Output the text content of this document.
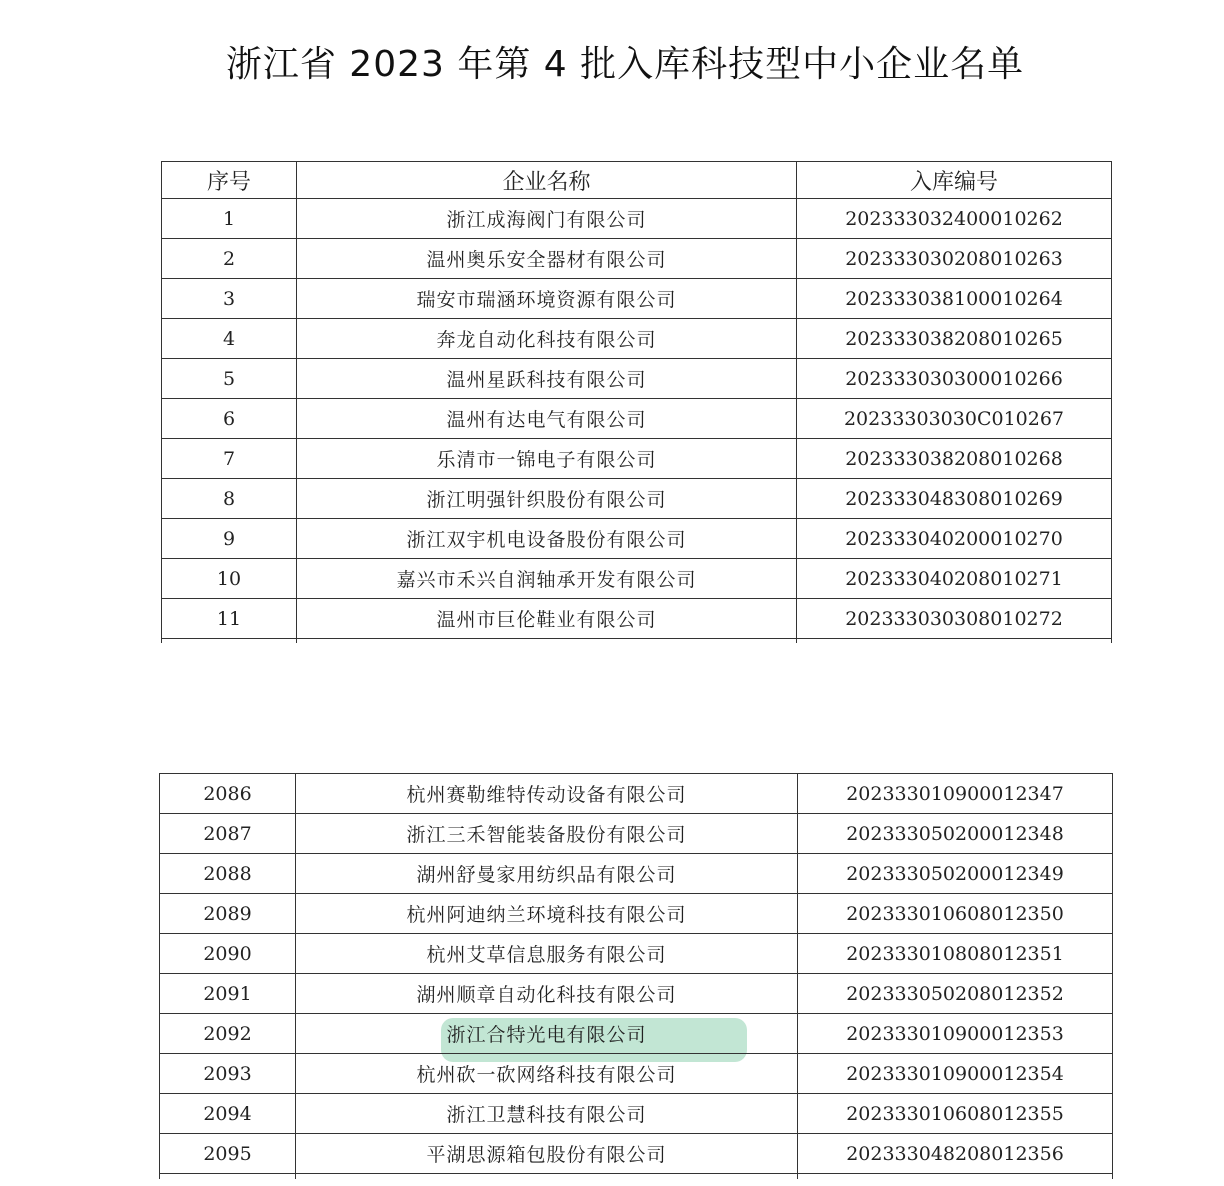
浙江省 2023 年第 4 批入库科技型中小企业名单
序号	企业名称	入库编号
1	浙江成海阀门有限公司	202333032400010262
2	温州奥乐安全器材有限公司	202333030208010263
3	瑞安市瑞涵环境资源有限公司	202333038100010264
4	奔龙自动化科技有限公司	202333038208010265
5	温州星跃科技有限公司	202333030300010266
6	温州有达电气有限公司	20233303030C010267
7	乐清市一锦电子有限公司	202333038208010268
8	浙江明强针织股份有限公司	202333048308010269
9	浙江双宇机电设备股份有限公司	202333040200010270
10	嘉兴市禾兴自润轴承开发有限公司	202333040208010271
11	温州市巨伦鞋业有限公司	202333030308010272

2086	杭州赛勒维特传动设备有限公司	202333010900012347
2087	浙江三禾智能装备股份有限公司	202333050200012348
2088	湖州舒曼家用纺织品有限公司	202333050200012349
2089	杭州阿迪纳兰环境科技有限公司	202333010608012350
2090	杭州艾草信息服务有限公司	202333010808012351
2091	湖州顺章自动化科技有限公司	202333050208012352
2092	浙江合特光电有限公司	202333010900012353
2093	杭州砍一砍网络科技有限公司	202333010900012354
2094	浙江卫慧科技有限公司	202333010608012355
2095	平湖思源箱包股份有限公司	202333048208012356
